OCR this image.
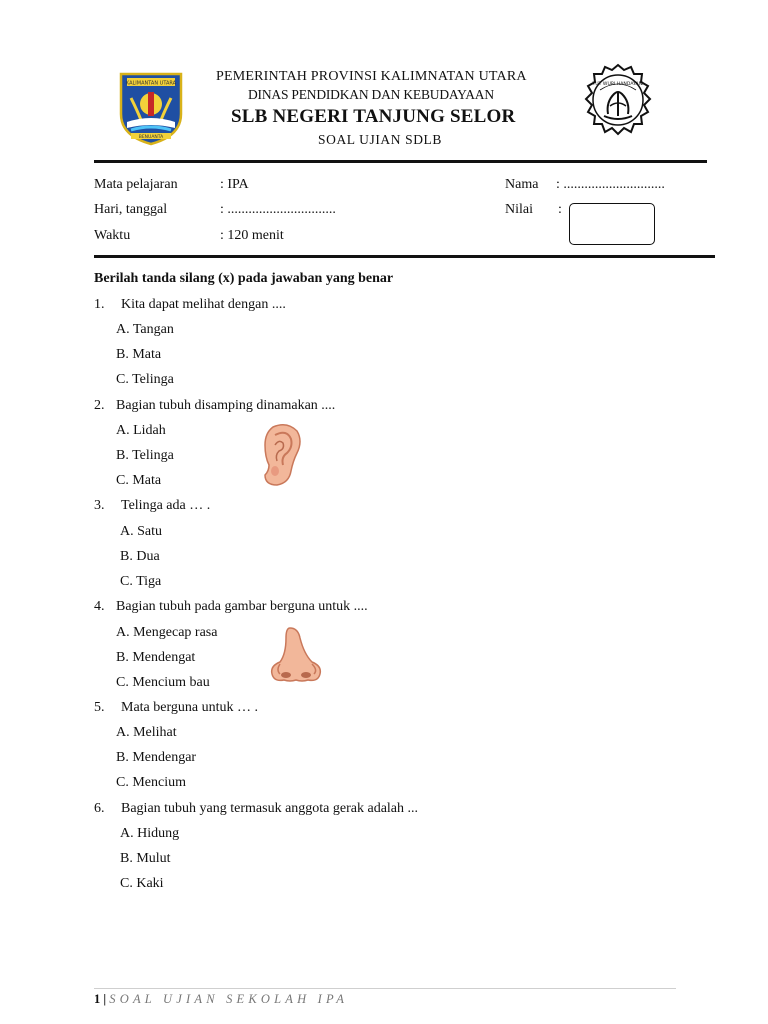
KALIMANTAN UTARA
BENUANTA
PEMERINTAH PROVINSI KALIMNATAN UTARA
DINAS PENDIDKAN DAN KEBUDAYAAN
SLB NEGERI TANJUNG SELOR
SOAL UJIAN SDLB
TUT WURI HANDAYANI
Mata pelajaran	: IPA
Hari, tanggal	: ...............................
Waktu	: 120 menit
Nama : .............................
Nilai :
Berilah tanda silang (x) pada jawaban yang benar
1. Kita dapat melihat dengan ....
A. Tangan
B. Mata
C. Telinga
2. Bagian tubuh disamping dinamakan ....
A. Lidah
B. Telinga
C. Mata
3. Telinga ada … .
A. Satu
B. Dua
C. Tiga
4. Bagian tubuh pada gambar berguna untuk ....
A. Mengecap rasa
B. Mendengat
C. Mencium bau
5. Mata berguna untuk … .
A. Melihat
B. Mendengar
C. Mencium
6. Bagian tubuh yang termasuk anggota gerak adalah ...
A. Hidung
B. Mulut
C. Kaki
1 | SOAL UJIAN SEKOLAH IPA
